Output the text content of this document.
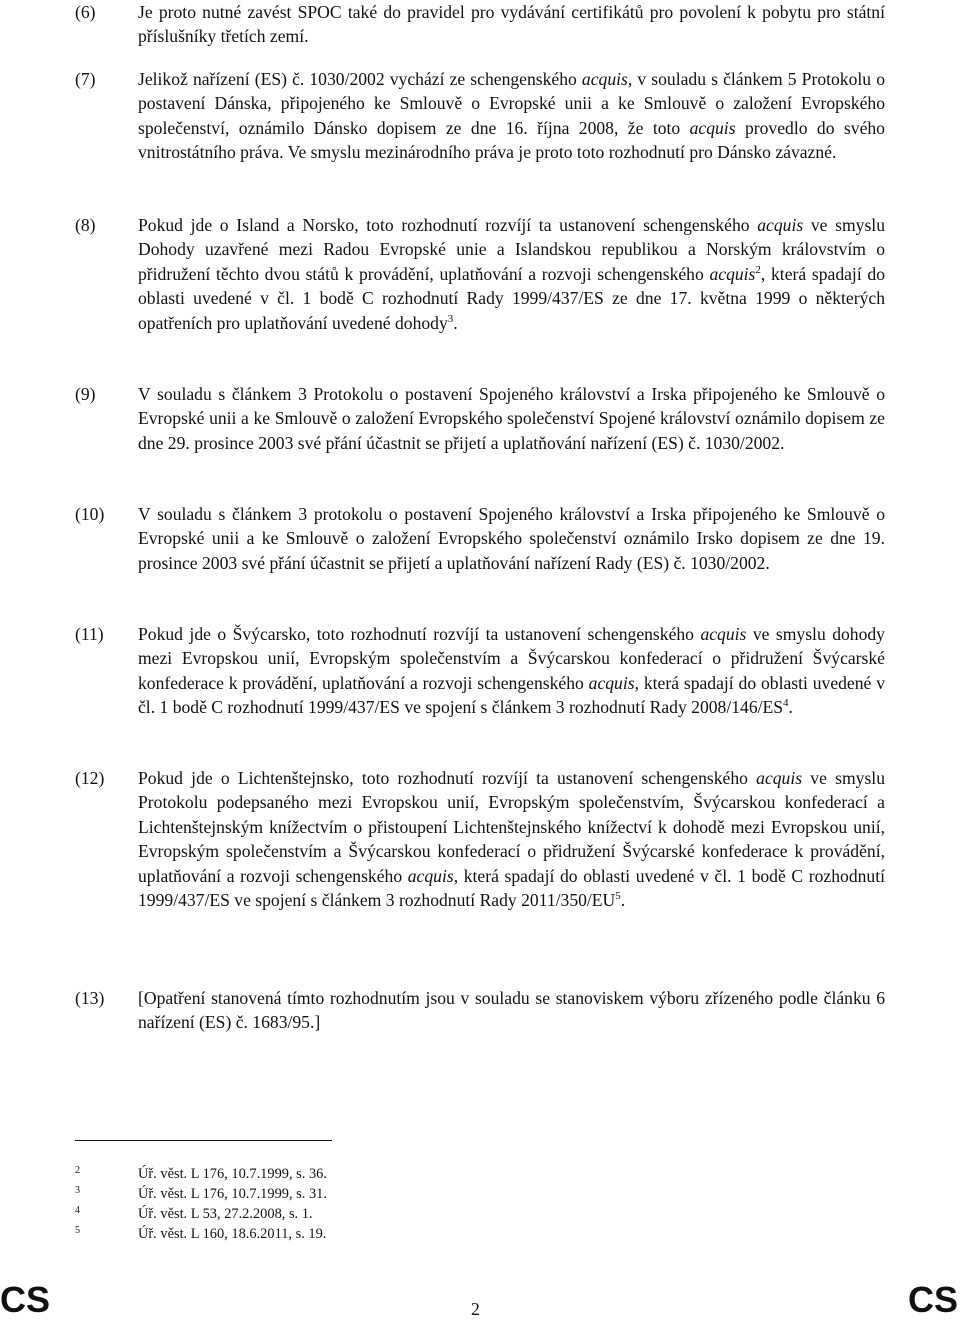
(6)	Je proto nutné zavést SPOC také do pravidel pro vydávání certifikátů pro povolení k pobytu pro státní příslušníky třetích zemí.
(7)	Jelikož nařízení (ES) č. 1030/2002 vychází ze schengenského acquis, v souladu s článkem 5 Protokolu o postavení Dánska, připojeného ke Smlouvě o Evropské unii a ke Smlouvě o založení Evropského společenství, oznámilo Dánsko dopisem ze dne 16. října 2008, že toto acquis provedlo do svého vnitrostátního práva. Ve smyslu mezinárodního práva je proto toto rozhodnutí pro Dánsko závazné.
(8)	Pokud jde o Island a Norsko, toto rozhodnutí rozvíjí ta ustanovení schengenského acquis ve smyslu Dohody uzavřené mezi Radou Evropské unie a Islandskou republikou a Norským královstvím o přidružení těchto dvou států k provádění, uplatňování a rozvoji schengenského acquis$^2$, která spadají do oblasti uvedené v čl. 1 bodě C rozhodnutí Rady 1999/437/ES ze dne 17. května 1999 o některých opatřeních pro uplatňování uvedené dohody$^3$.
(9)	V souladu s článkem 3 Protokolu o postavení Spojeného království a Irska připojeného ke Smlouvě o Evropské unii a ke Smlouvě o založení Evropského společenství Spojené království oznámilo dopisem ze dne 29. prosince 2003 své přání účastnit se přijetí a uplatňování nařízení (ES) č. 1030/2002.
(10)	V souladu s článkem 3 protokolu o postavení Spojeného království a Irska připojeného ke Smlouvě o Evropské unii a ke Smlouvě o založení Evropského společenství oznámilo Irsko dopisem ze dne 19. prosince 2003 své přání účastnit se přijetí a uplatňování nařízení Rady (ES) č. 1030/2002.
(11)	Pokud jde o Švýcarsko, toto rozhodnutí rozvíjí ta ustanovení schengenského acquis ve smyslu dohody mezi Evropskou unií, Evropským společenstvím a Švýcarskou konfederací o přidružení Švýcarské konfederace k provádění, uplatňování a rozvoji schengenského acquis, která spadají do oblasti uvedené v čl. 1 bodě C rozhodnutí 1999/437/ES ve spojení s článkem 3 rozhodnutí Rady $2008/146/ES^4$.
(12)	Pokud jde o Lichtenštejnsko, toto rozhodnutí rozvíjí ta ustanovení schengenského acquis ve smyslu Protokolu podepsaného mezi Evropskou unií, Evropským společenstvím, Švýcarskou konfederací a Lichtenštejnským knížectvím o přistoupení Lichtenštejnského knížectví k dohodě mezi Evropskou unií, Evropským společenstvím a Švýcarskou konfederací o přidružení Švýcarské konfederace k provádění, uplatňování a rozvoji schengenského acquis, která spadají do oblasti uvedené v čl. 1 bodě C rozhodnutí 1999/437/ES ve spojení s článkem 3 rozhodnutí Rady $2011/350/EU^5$.
(13)	[Opatření stanovená tímto rozhodnutím jsou v souladu se stanoviskem výboru zřízeného podle článku 6 nařízení (ES) č. 1683/95.]
2	Úř. věst. L 176, 10.7.1999, s. 36.
3	Úř. věst. L 176, 10.7.1999, s. 31.
4	Úř. věst. L 53, 27.2.2008, s. 1.
5	Úř. věst. L 160, 18.6.2011, s. 19.
CS	2	CS
